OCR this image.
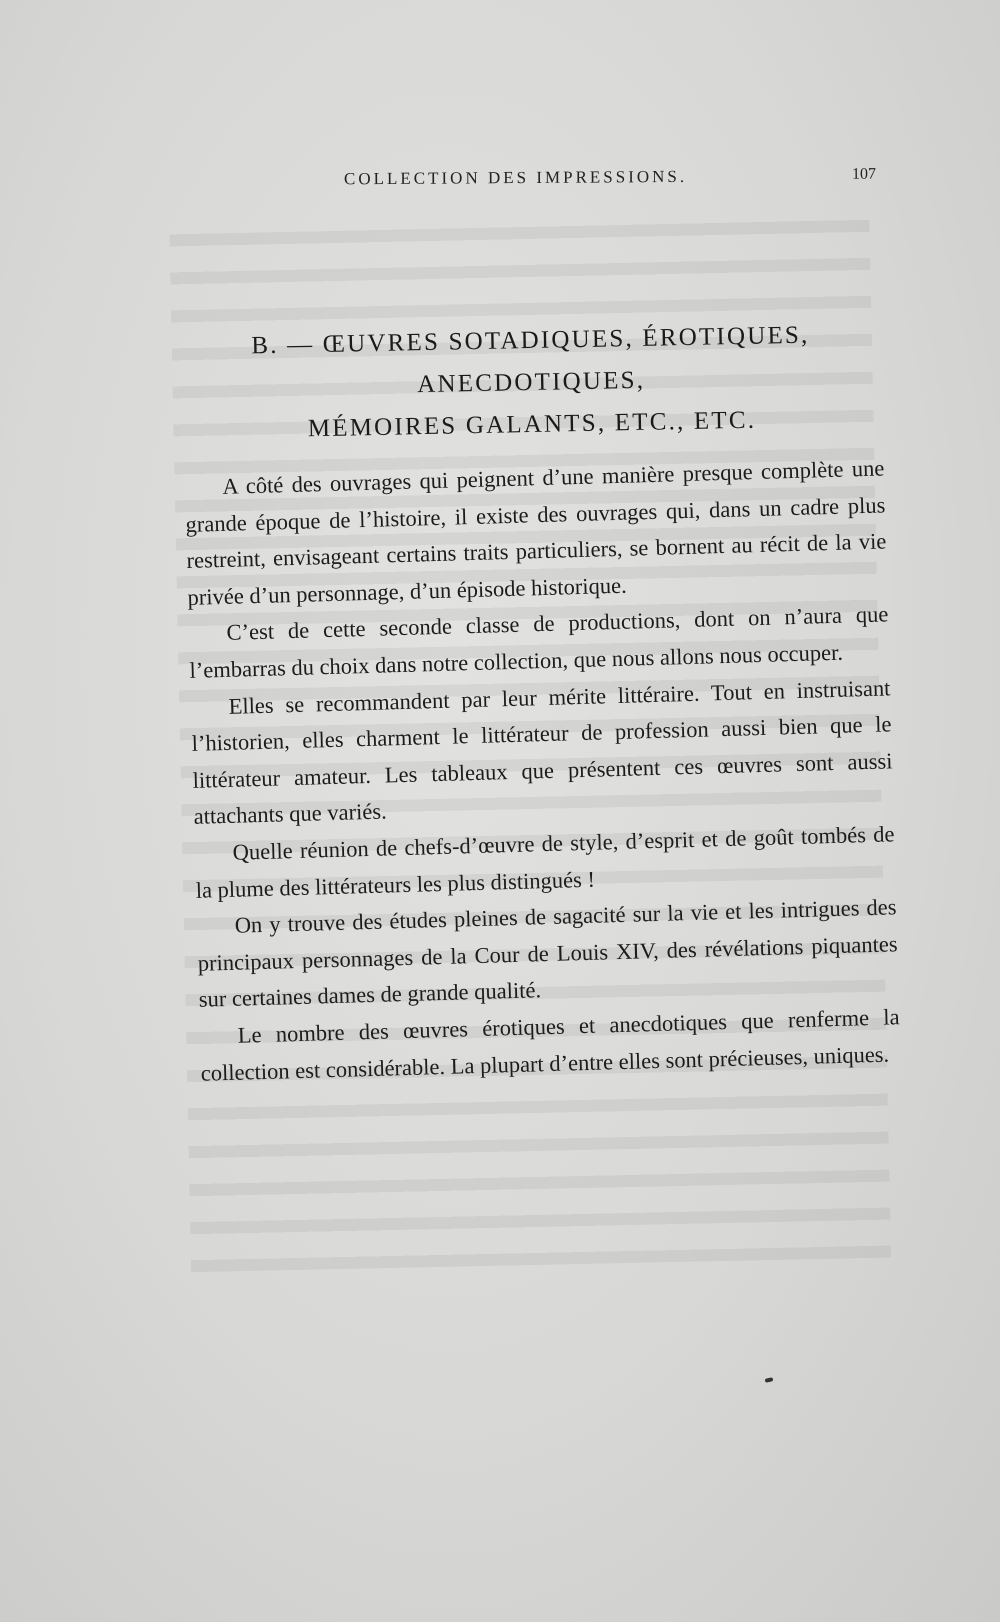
COLLECTION DES IMPRESSIONS.	107
B. — ŒUVRES SOTADIQUES, ÉROTIQUES,
ANECDOTIQUES,
MÉMOIRES GALANTS, ETC., ETC.

A côté des ouvrages qui peignent d’une manière presque complète une grande époque de l’histoire, il existe des ouvrages qui, dans un cadre plus restreint, envisageant certains traits particuliers, se bornent au récit de la vie privée d’un personnage, d’un épisode historique.

C’est de cette seconde classe de productions, dont on n’aura que l’embarras du choix dans notre collection, que nous allons nous occuper.

Elles se recommandent par leur mérite littéraire. Tout en instruisant l’historien, elles charment le littérateur de profession aussi bien que le littérateur amateur. Les tableaux que présentent ces œuvres sont aussi attachants que variés.

Quelle réunion de chefs-d’œuvre de style, d’esprit et de goût tombés de la plume des littérateurs les plus distingués !

On y trouve des études pleines de sagacité sur la vie et les intrigues des principaux personnages de la Cour de Louis XIV, des révélations piquantes sur certaines dames de grande qualité.

Le nombre des œuvres érotiques et anecdotiques que renferme la collection est considérable. La plupart d’entre elles sont précieuses, uniques.
